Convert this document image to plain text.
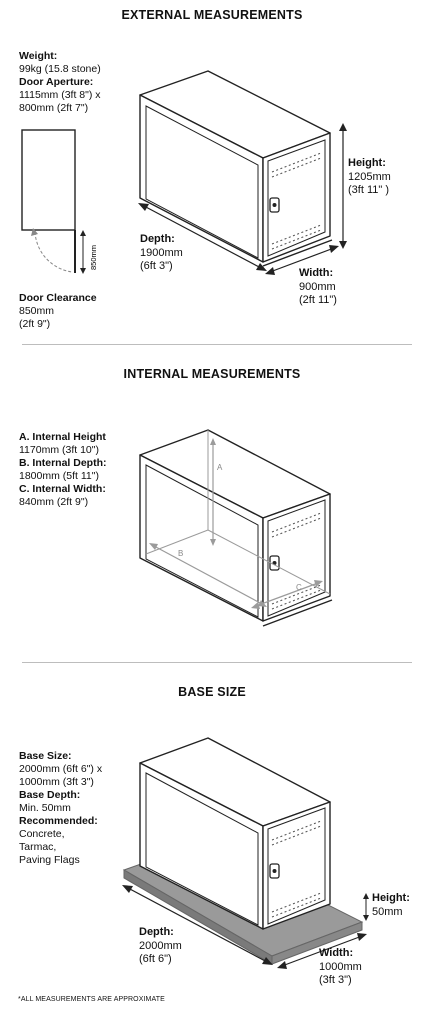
EXTERNAL MEASUREMENTS
Weight:
99kg (15.8 stone)
Door Aperture:
1115mm (3ft 8") x
800mm (2ft 7")
Door Clearance
850mm
(2ft 9")
850mm
Height:
1205mm
(3ft 11" )
Depth:
1900mm
(6ft 3")
Width:
900mm
(2ft 11")
INTERNAL MEASUREMENTS
A. Internal Height
1170mm (3ft 10")
B. Internal Depth:
1800mm (5ft 11")
C. Internal Width:
840mm (2ft 9")
A
B
C
BASE SIZE
Base Size:
2000mm (6ft 6") x
1000mm (3ft 3")
Base Depth:
Min. 50mm
Recommended:
Concrete,
Tarmac,
Paving Flags
Height:
50mm
Depth:
2000mm
(6ft 6")	Width:
1000mm
(3ft 3")
*ALL MEASUREMENTS ARE APPROXIMATE
